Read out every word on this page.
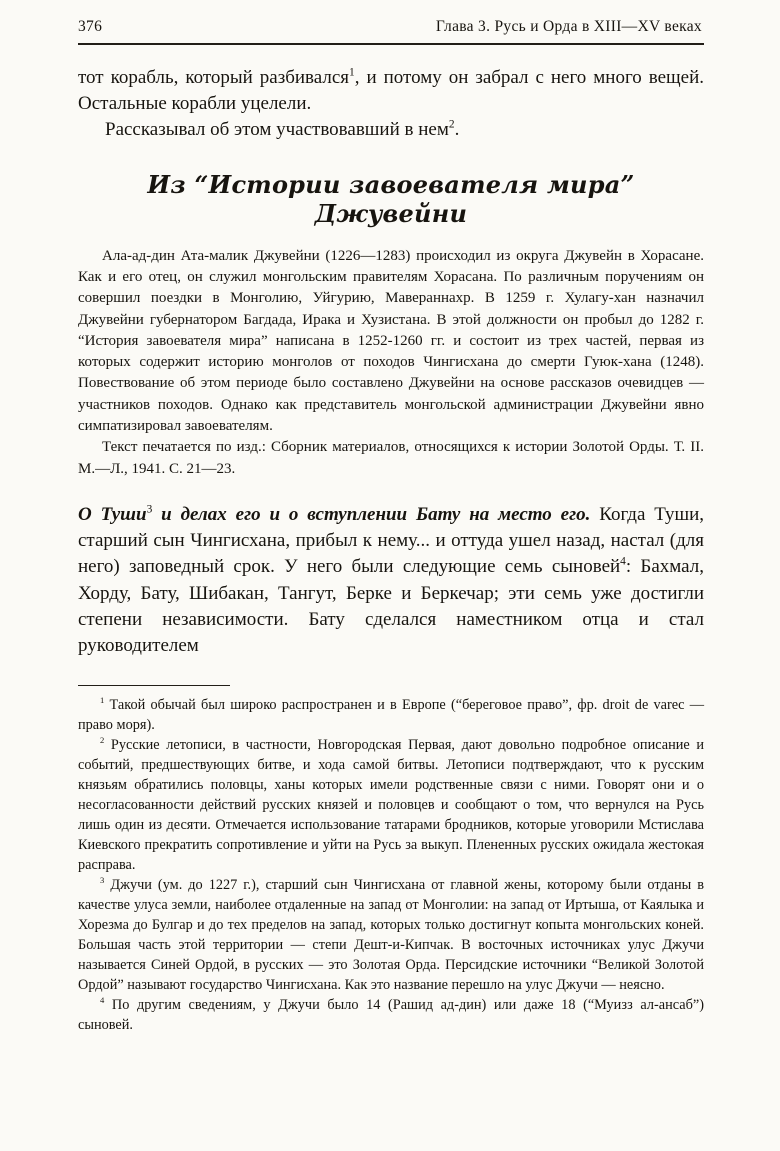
376	Глава 3. Русь и Орда в XIII—XV веках

тот корабль, который разбивался$^1$, и потому он забрал с него много вещей. Остальные корабли уцелели.

Рассказывал об этом участвовавший в нем$^2$.

Из “Истории завоевателя мира” Джувейни

Ала-ад-дин Ата-малик Джувейни (1226—1283) происходил из округа Джувейн в Хорасане. Как и его отец, он служил монгольским правителям Хорасана. По различным поручениям он совершил поездки в Монголию, Уйгурию, Мавераннахр. В 1259 г. Хулагу-хан назначил Джувейни губернатором Багдада, Ирака и Хузистана. В этой должности он пробыл до 1282 г. “История завоевателя мира” написана в 1252-1260 гг. и состоит из трех частей, первая из которых содержит историю монголов от походов Чингисхана до смерти Гуюк-хана (1248). Повествование об этом периоде было составлено Джувейни на основе рассказов очевидцев — участников походов. Однако как представитель монгольской администрации Джувейни явно симпатизировал завоевателям.

Текст печатается по изд.: Сборник материалов, относящихся к истории Золотой Орды. Т. II. М.—Л., 1941. С. 21—23.

О Туши$^3$ и делах его и о вступлении Бату на место его. Когда Туши, старший сын Чингисхана, прибыл к нему... и оттуда ушел назад, настал (для него) заповедный срок. У него были следующие семь сыновей$^4$: Бахмал, Хорду, Бату, Шибакан, Тангут, Берке и Беркечар; эти семь уже достигли степени независимости. Бату сделался наместником отца и стал руководителем

$^1$ Такой обычай был широко распространен и в Европе (“береговое право”, фр. droit de varec — право моря).

$^2$ Русские летописи, в частности, Новгородская Первая, дают довольно подробное описание и событий, предшествующих битве, и хода самой битвы. Летописи подтверждают, что к русским князьям обратились половцы, ханы которых имели родственные связи с ними. Говорят они и о несогласованности действий русских князей и половцев и сообщают о том, что вернулся на Русь лишь один из десяти. Отмечается использование татарами бродников, которые уговорили Мстислава Киевского прекратить сопротивление и уйти на Русь за выкуп. Плененных русских ожидала жестокая расправа.

$^3$ Джучи (ум. до 1227 г.), старший сын Чингисхана от главной жены, которому были отданы в качестве улуса земли, наиболее отдаленные на запад от Монголии: на запад от Иртыша, от Каялыка и Хорезма до Булгар и до тех пределов на запад, которых только достигнут копыта монгольских коней. Большая часть этой территории — степи Дешт-и-Кипчак. В восточных источниках улус Джучи называется Синей Ордой, в русских — это Золотая Орда. Персидские источники “Великой Золотой Ордой” называют государство Чингисхана. Как это название перешло на улус Джучи — неясно.

$^4$ По другим сведениям, у Джучи было 14 (Рашид ад-дин) или даже 18 (“Муизз ал-ансаб”) сыновей.
